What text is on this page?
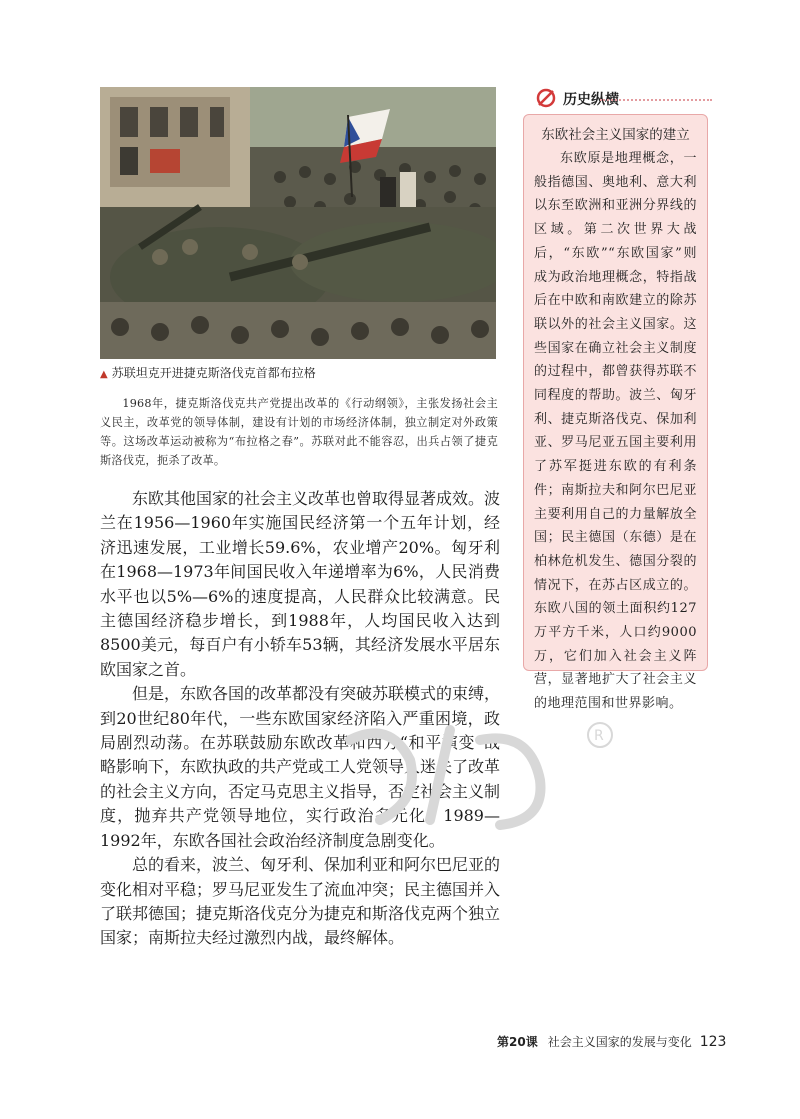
▲ 苏联坦克开进捷克斯洛伐克首都布拉格

1968年，捷克斯洛伐克共产党提出改革的《行动纲领》，主张发扬社会主义民主，改革党的领导体制，建设有计划的市场经济体制，独立制定对外政策等。这场改革运动被称为“布拉格之春”。苏联对此不能容忍，出兵占领了捷克斯洛伐克，扼杀了改革。

东欧其他国家的社会主义改革也曾取得显著成效。波兰在1956—1960年实施国民经济第一个五年计划，经济迅速发展，工业增长59.6%，农业增产20%。匈牙利在1968—1973年间国民收入年递增率为6%，人民消费水平也以5%—6%的速度提高，人民群众比较满意。民主德国经济稳步增长，到1988年，人均国民收入达到8500美元，每百户有小轿车53辆，其经济发展水平居东欧国家之首。

但是，东欧各国的改革都没有突破苏联模式的束缚，到20世纪80年代，一些东欧国家经济陷入严重困境，政局剧烈动荡。在苏联鼓励东欧改革和西方“和平演变”战略影响下，东欧执政的共产党或工人党领导人迷失了改革的社会主义方向，否定马克思主义指导，否定社会主义制度，抛弃共产党领导地位，实行政治多元化。1989—1992年，东欧各国社会政治经济制度急剧变化。

总的看来，波兰、匈牙利、保加利亚和阿尔巴尼亚的变化相对平稳；罗马尼亚发生了流血冲突；民主德国并入了联邦德国；捷克斯洛伐克分为捷克和斯洛伐克两个独立国家；南斯拉夫经过激烈内战，最终解体。

R
历史纵横

东欧社会主义国家的建立

东欧原是地理概念，一般指德国、奥地利、意大利以东至欧洲和亚洲分界线的区域。第二次世界大战后，“东欧”“东欧国家”则成为政治地理概念，特指战后在中欧和南欧建立的除苏联以外的社会主义国家。这些国家在确立社会主义制度的过程中，都曾获得苏联不同程度的帮助。波兰、匈牙利、捷克斯洛伐克、保加利亚、罗马尼亚五国主要利用了苏军挺进东欧的有利条件；南斯拉夫和阿尔巴尼亚主要利用自己的力量解放全国；民主德国（东德）是在柏林危机发生、德国分裂的情况下，在苏占区成立的。东欧八国的领土面积约127万平方千米，人口约9000万，它们加入社会主义阵营，显著地扩大了社会主义的地理范围和世界影响。

第20课 社会主义国家的发展与变化 123
